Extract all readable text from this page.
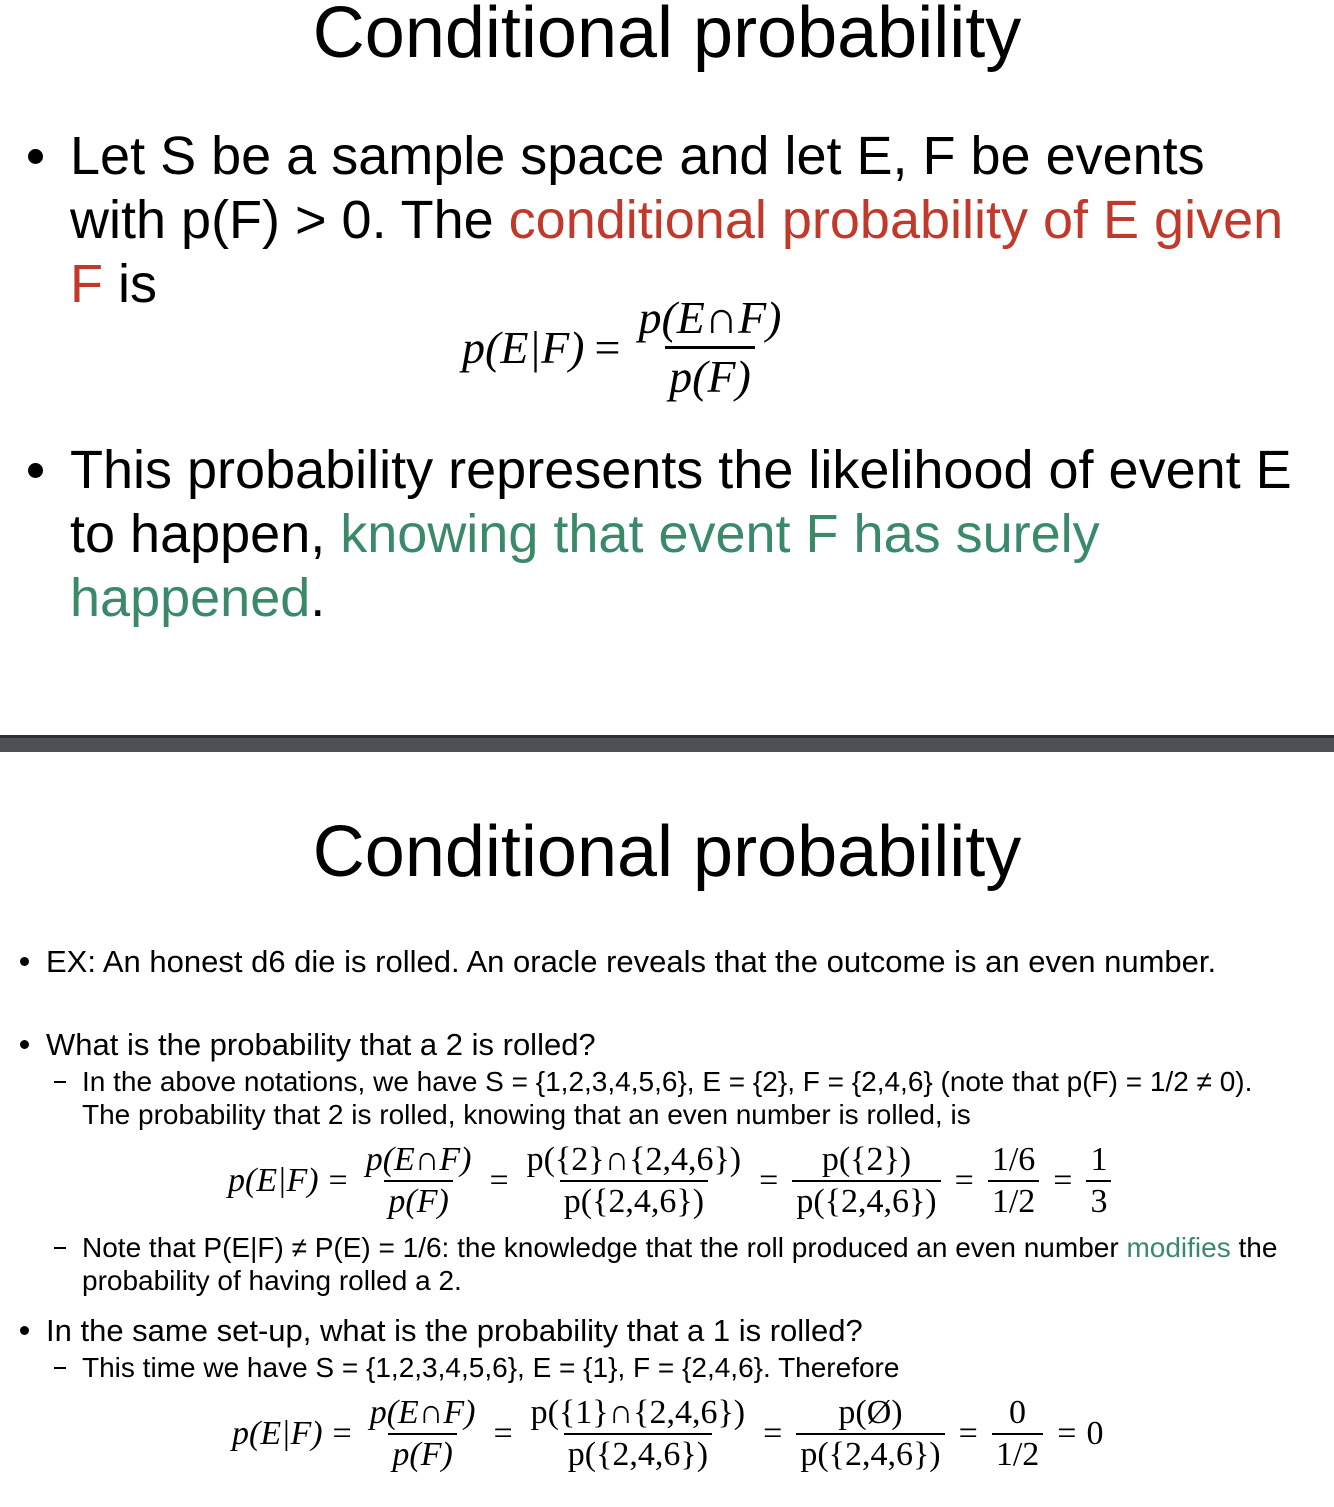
Conditional probability
Let S be a sample space and let E, F be events with p(F) > 0. The conditional probability of E given F is
$p(E|F) = \frac{p(E\cap F)}{p(F)}$
This probability represents the likelihood of event E to happen, knowing that event F has surely happened.
Conditional probability
EX: An honest d6 die is rolled. An oracle reveals that the outcome is an even number.
What is the probability that a 2 is rolled?
In the above notations, we have S = {1,2,3,4,5,6}, E = {2}, F = {2,4,6} (note that p(F) = 1/2 ≠ 0). The probability that 2 is rolled, knowing that an even number is rolled, is
$p(E|F) = \frac{p(E\cap F)}{p(F)} = \frac{p(\{2\}\cap\{2,4,6\})}{p(\{2,4,6\})} = \frac{p(\{2\})}{p(\{2,4,6\})} = \frac{1/6}{1/2} = \frac{1}{3}$
Note that P(E|F) ≠ P(E) = 1/6: the knowledge that the roll produced an even number modifies the probability of having rolled a 2.
In the same set-up, what is the probability that a 1 is rolled?
This time we have S = {1,2,3,4,5,6}, E = {1}, F = {2,4,6}. Therefore
$p(E|F) = \frac{p(E\cap F)}{p(F)} = \frac{p(\{1\}\cap\{2,4,6\})}{p(\{2,4,6\})} = \frac{p(Ø)}{p(\{2,4,6\})} = \frac{0}{1/2} = 0$
